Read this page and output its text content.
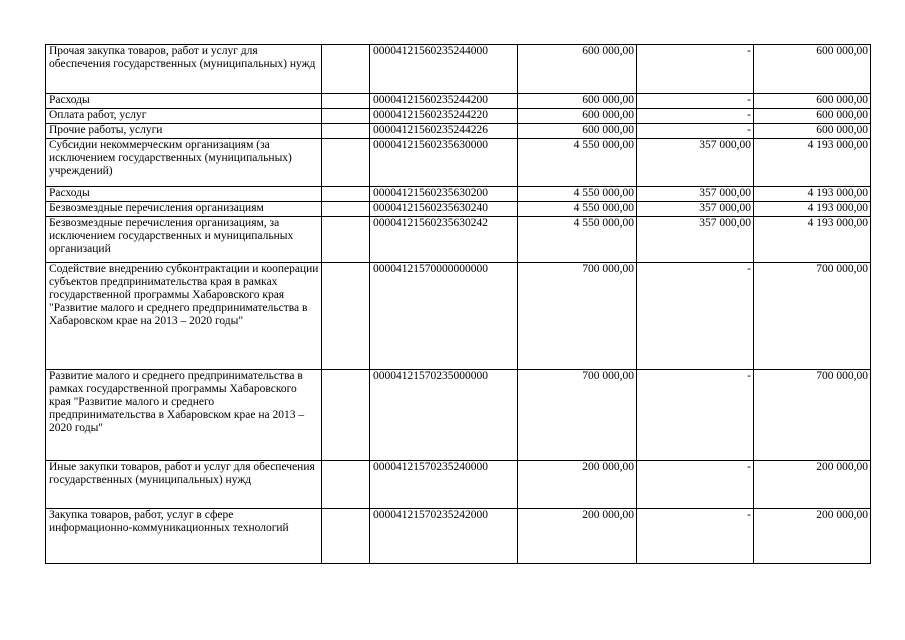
Прочая закупка товаров, работ и услуг для обеспечения государственных (муниципальных) нужд		00004121560235244000	600 000,00	-	600 000,00
Расходы		00004121560235244200	600 000,00	-	600 000,00
Оплата работ, услуг		00004121560235244220	600 000,00	-	600 000,00
Прочие работы, услуги		00004121560235244226	600 000,00	-	600 000,00
Субсидии некоммерческим организациям (за исключением государственных (муниципальных) учреждений)		00004121560235630000	4 550 000,00	357 000,00	4 193 000,00
Расходы		00004121560235630200	4 550 000,00	357 000,00	4 193 000,00
Безвозмездные перечисления организациям		00004121560235630240	4 550 000,00	357 000,00	4 193 000,00
Безвозмездные перечисления организациям, за исключением государственных и муниципальных организаций		00004121560235630242	4 550 000,00	357 000,00	4 193 000,00
Содействие внедрению субконтрактации и кооперации субъектов предпринимательства края в рамках государственной программы Хабаровского края "Развитие малого и среднего предпринимательства в Хабаровском крае на 2013 – 2020 годы"		00004121570000000000	700 000,00	-	700 000,00
Развитие малого и среднего предпринимательства в рамках государственной программы Хабаровского края "Развитие малого и среднего предпринимательства в Хабаровском крае на 2013 – 2020 годы"		00004121570235000000	700 000,00	-	700 000,00
Иные закупки товаров, работ и услуг для обеспечения государственных (муниципальных) нужд		00004121570235240000	200 000,00	-	200 000,00
Закупка товаров, работ, услуг в сфере информационно-коммуникационных технологий		00004121570235242000	200 000,00	-	200 000,00
